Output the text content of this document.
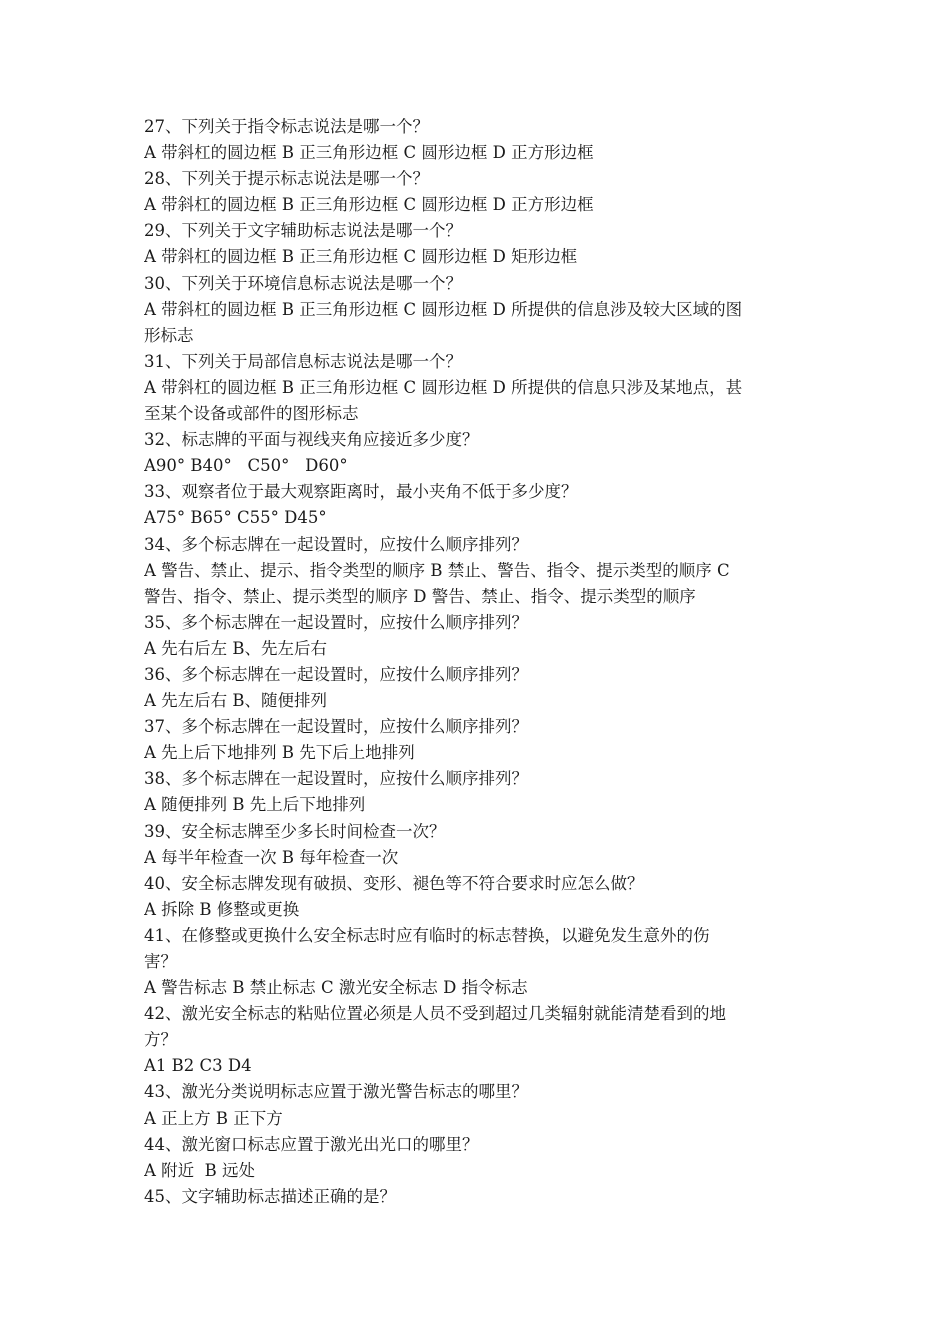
27、下列关于指令标志说法是哪一个？
A 带斜杠的圆边框 B 正三角形边框 C 圆形边框 D 正方形边框
28、下列关于提示标志说法是哪一个？
A 带斜杠的圆边框 B 正三角形边框 C 圆形边框 D 正方形边框
29、下列关于文字辅助标志说法是哪一个？
A 带斜杠的圆边框 B 正三角形边框 C 圆形边框 D 矩形边框
30、下列关于环境信息标志说法是哪一个？
A 带斜杠的圆边框 B 正三角形边框 C 圆形边框 D 所提供的信息涉及较大区域的图
形标志
31、下列关于局部信息标志说法是哪一个？
A 带斜杠的圆边框 B 正三角形边框 C 圆形边框 D 所提供的信息只涉及某地点，甚
至某个设备或部件的图形标志
32、标志牌的平面与视线夹角应接近多少度？
A90° B40°   C50°   D60°
33、观察者位于最大观察距离时，最小夹角不低于多少度？
A75° B65° C55° D45°
34、多个标志牌在一起设置时，应按什么顺序排列？
A 警告、禁止、提示、指令类型的顺序 B 禁止、警告、指令、提示类型的顺序 C
警告、指令、禁止、提示类型的顺序 D 警告、禁止、指令、提示类型的顺序
35、多个标志牌在一起设置时，应按什么顺序排列？
A 先右后左 B、先左后右
36、多个标志牌在一起设置时，应按什么顺序排列？
A 先左后右 B、随便排列
37、多个标志牌在一起设置时，应按什么顺序排列？
A 先上后下地排列 B 先下后上地排列
38、多个标志牌在一起设置时，应按什么顺序排列？
A 随便排列 B 先上后下地排列
39、安全标志牌至少多长时间检查一次？
A 每半年检查一次 B 每年检查一次
40、安全标志牌发现有破损、变形、褪色等不符合要求时应怎么做？
A 拆除 B 修整或更换
41、在修整或更换什么安全标志时应有临时的标志替换，以避免发生意外的伤
害？
A 警告标志 B 禁止标志 C 激光安全标志 D 指令标志
42、激光安全标志的粘贴位置必须是人员不受到超过几类辐射就能清楚看到的地
方？
A1 B2 C3 D4
43、激光分类说明标志应置于激光警告标志的哪里？
A 正上方 B 正下方
44、激光窗口标志应置于激光出光口的哪里？
A 附近  B 远处
45、文字辅助标志描述正确的是？
